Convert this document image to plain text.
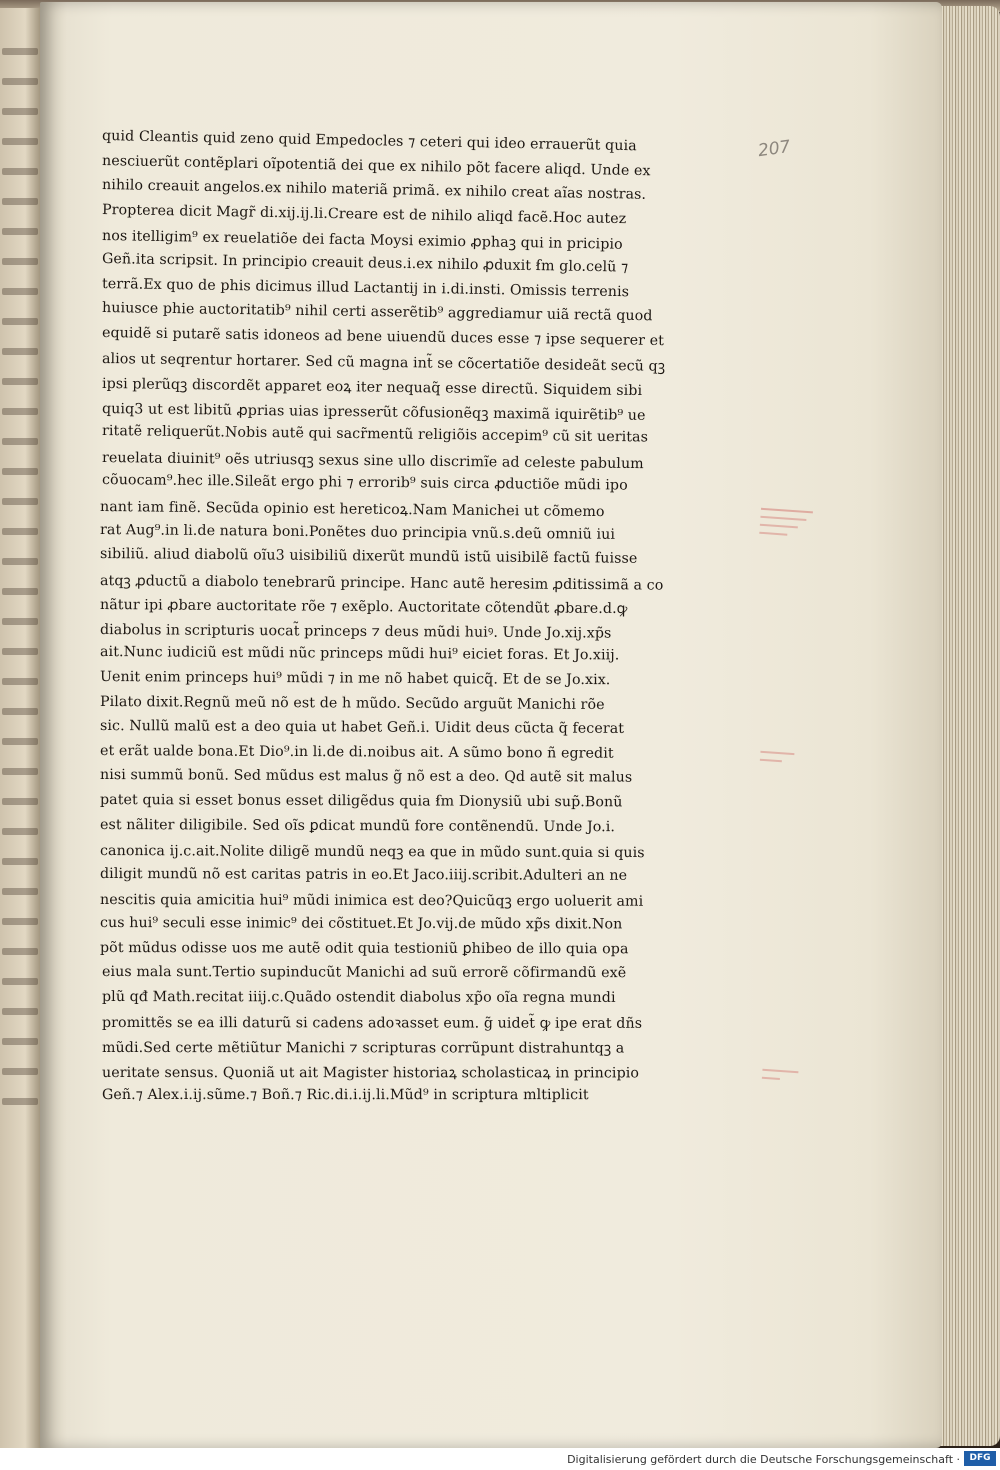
207
quid Cleantis quid zeno quid Empedocles ⁊ ceteri qui ideo errauerũt quia
nesciuerũt contẽplari oĩpotentiã dei que ex nihilo põt facere aliqd. Unde ex
nihilo creauit angelos.ex nihilo materiã primã. ex nihilo creat aĩas nostras.
Propterea dicit Magr̃ di.xij.ij.li.Creare est de nihilo aliqd facẽ.Hoc autez
nos itelligim⁹ ex reuelatiõe dei facta Moysi eximio ꝓphaꝫ qui in pricipio
Geñ.ita scripsit. In principio creauit deus.i.ex nihilo ꝓduxit ẜm glo.celũ ⁊
terrã.Ex quo de phis dicimus illud Lactantij in i.di.insti. Omissis terrenis
huiusce phie auctoritatib⁹ nihil certi asserẽtib⁹ aggrediamur uiã rectã quod
equidẽ si putarẽ satis idoneos ad bene uiuendũ duces esse ⁊ ipse sequerer et
alios ut seqrentur hortarer. Sed cũ magna int̃ se cõcertatiõe desideãt secũ qꝫ
ipsi plerũqꝫ discordẽt apparet eoꝝ iter nequaq̃ esse directũ. Siquidem sibi
quiq3 ut est libitũ ꝓprias uias ipresserũt cõfusionẽqꝫ maximã iquirẽtib⁹ ue
ritatẽ reliquerũt.Nobis autẽ qui sacr̃mentũ religiõis accepim⁹ cũ sit ueritas
reuelata diuinit⁹ oẽs utriusqꝫ sexus sine ullo discrimĩe ad celeste pabulum
cõuocam⁹.hec ille.Sileãt ergo phi ⁊ errorib⁹ suis circa ꝓductiõe mũdi ipo
nant iam finẽ. Secũda opinio est hereticoꝝ.Nam Manichei ut cõmemo
rat Aug⁹.in li.de natura boni.Ponẽtes duo principia vnũ.s.deũ omniũ iui
sibiliũ. aliud diabolũ oĩu3 uisibiliũ dixerũt mundũ istũ uisibilẽ factũ fuisse
atqꝫ ꝓductũ a diabolo tenebrarũ principe. Hanc autẽ heresim ꝓditissimã a co
nãtur ipi ꝓbare auctoritate rõe ⁊ exẽplo. Auctoritate cõtendũt ꝓbare.d.ꝙ
diabolus in scripturis uocat̃ princeps ⁊ deus mũdi huiꝰ. Unde Jo.xij.xp̃s
ait.Nunc iudiciũ est mũdi nũc princeps mũdi hui⁹ eiciet̃ foras. Et Jo.xiij.
Uenit enim princeps hui⁹ mũdi ⁊ in me nõ habet quicq̃. Et de se Jo.xix.
Pilato dixit.Regnũ meũ nõ est de h̃ mũdo. Secũdo arguũt Manichi rõe
sic. Nullũ malũ est a deo quia ut habet̃ Geñ.i. Uidit deus cũcta q̃ fecerat
et erãt ualde bona.Et Dio⁹.in li.de di.noibus ait. A sũmo bono ñ egredit̃
nisi summũ bonũ. Sed mũdus est malus g̃ nõ est a deo. Qd autẽ sit malus
patet quia si esset bonus esset diligẽdus quia ẜm Dionysiũ ubi sup̃.Bonũ
est nãliter diligibile. Sed oĩs ꝑdicat mundũ fore contẽnendũ. Unde Jo.i.
canonica ij.c.ait.Nolite diligẽ mundũ neqꝫ ea que in mũdo sunt.quia si quis
diligit mundũ nõ est caritas patris in eo.Et Jaco.iiij.scribit̃.Adulteri an ne
nescitis quia amicitia hui⁹ mũdi inimica est deo?Quicũqꝫ ergo uoluerit ami
cus hui⁹ seculi esse inimic⁹ dei cõstituet̃.Et Jo.vij.de mũdo xp̃s dixit.Non
põt mũdus odisse uos me autẽ odit quia testioniũ ꝑhibeo de illo quia opa
eius mala sunt.Tertio supinducũt Manichi ad suũ errorẽ cõfirmandũ exẽ
plũ qđ Math.recitat iiij.c.Quãdo ostendit diabolus xp̃o oĩa regna mundi
promittẽs se ea illi daturũ si cadens adoꝛasset eum. g̃ uidet̃ ꝙ ipe erat dñs
mũdi.Sed certe mẽtiũtur Manichi ⁊ scripturas corrũpunt distrahuntqꝫ a
ueritate sensus. Quoniã ut ait Magister historiaꝝ scholasticaꝝ in principio
Geñ.⁊ Alex.i.ij.sũme.⁊ Boñ.⁊ Ric.di.i.ij.li.Mũd⁹ in scriptura mlt̃iplicit̃
Digitalisierung gefördert durch die Deutsche Forschungsgemeinschaft ·	DFG
